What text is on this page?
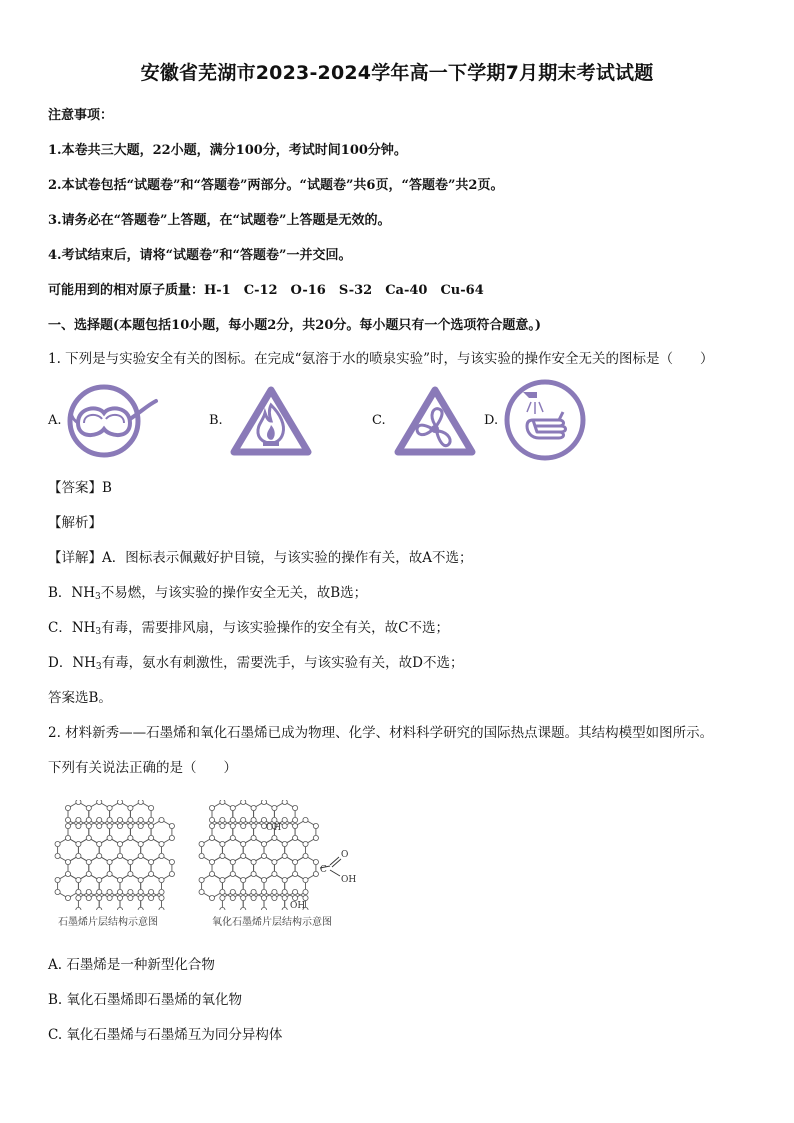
安徽省芜湖市2023-2024学年高一下学期7月期末考试试题
注意事项：
1.本卷共三大题，22小题，满分100分，考试时间100分钟。
2.本试卷包括“试题卷”和“答题卷”两部分。“试题卷”共6页，“答题卷”共2页。
3.请务必在“答题卷”上答题，在“试题卷”上答题是无效的。
4.考试结束后，请将“试题卷”和“答题卷”一并交回。
可能用到的相对原子质量：H-1　C-12　O-16　S-32　Ca-40　Cu-64
一、选择题(本题包括10小题，每小题2分，共20分。每小题只有一个选项符合题意。)
1. 下列是与实验安全有关的图标。在完成“氨溶于水的喷泉实验”时，与该实验的操作安全无关的图标是（　　）
A.	B.	C.	D.
【答案】B
【解析】
【详解】A．图标表示佩戴好护目镜，与该实验的操作有关，故A不选；
B．$NH_3$不易燃，与该实验的操作安全无关，故B选；
C．$NH_3$有毒，需要排风扇，与该实验操作的安全有关，故C不选；
D．$NH_3$有毒，氨水有刺激性，需要洗手，与该实验有关，故D不选；
答案选B。
2. 材料新秀——石墨烯和氧化石墨烯已成为物理、化学、材料科学研究的国际热点课题。其结构模型如图所示。
下列有关说法正确的是（　　）
OH
C
O
OH
OH
石墨烯片层结构示意图	氧化石墨烯片层结构示意图
A. 石墨烯是一种新型化合物
B. 氧化石墨烯即石墨烯的氧化物
C. 氧化石墨烯与石墨烯互为同分异构体
